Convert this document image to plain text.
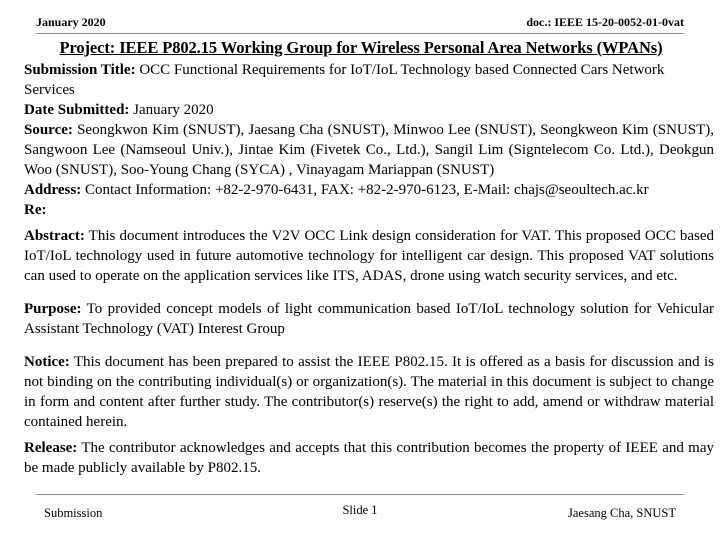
January 2020	doc.: IEEE 15-20-0052-01-0vat
Project: IEEE P802.15 Working Group for Wireless Personal Area Networks (WPANs)

Submission Title: OCC Functional Requirements for IoT/IoL Technology based Connected Cars Network Services

Date Submitted: January 2020

Source: Seongkwon Kim (SNUST), Jaesang Cha (SNUST), Minwoo Lee (SNUST), Seongkweon Kim (SNUST), Sangwoon Lee (Namseoul Univ.), Jintae Kim (Fivetek Co., Ltd.), Sangil Lim (Signtelecom Co. Ltd.), Deokgun Woo (SNUST), Soo-Young Chang (SYCA) , Vinayagam Mariappan (SNUST)

Address: Contact Information: +82-2-970-6431, FAX: +82-2-970-6123, E-Mail: chajs@seoultech.ac.kr

Re:

Abstract: This document introduces the V2V OCC Link design consideration for VAT. This proposed OCC based IoT/IoL technology used in future automotive technology for intelligent car design. This proposed VAT solutions can used to operate on the application services like ITS, ADAS, drone using watch security services, and etc.

Purpose: To provided concept models of light communication based IoT/IoL technology solution for Vehicular Assistant Technology (VAT) Interest Group

Notice: This document has been prepared to assist the IEEE P802.15. It is offered as a basis for discussion and is not binding on the contributing individual(s) or organization(s). The material in this document is subject to change in form and content after further study. The contributor(s) reserve(s) the right to add, amend or withdraw material contained herein.

Release: The contributor acknowledges and accepts that this contribution becomes the property of IEEE and may be made publicly available by P802.15.

Submission	Slide 1	Jaesang Cha, SNUST
